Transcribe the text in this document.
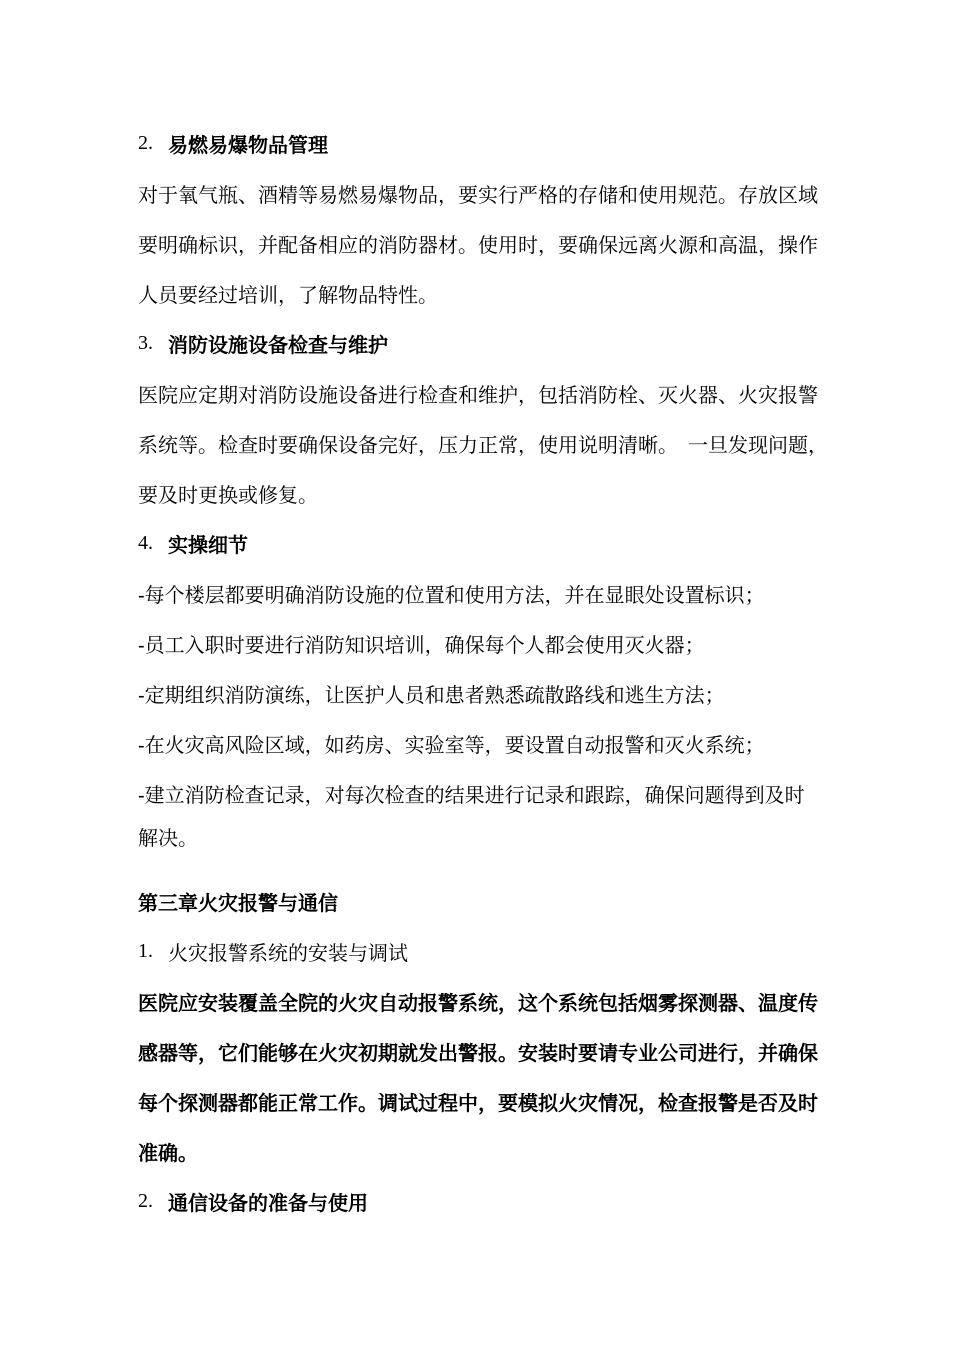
2. 易燃易爆物品管理
对于氧气瓶、酒精等易燃易爆物品，要实行严格的存储和使用规范。存放区域
要明确标识，并配备相应的消防器材。使用时，要确保远离火源和高温，操作
人员要经过培训，了解物品特性。
3. 消防设施设备检查与维护
医院应定期对消防设施设备进行检查和维护，包括消防栓、灭火器、火灾报警
系统等。检查时要确保设备完好，压力正常，使用说明清晰。　一旦发现问题，
要及时更换或修复。
4. 实操细节
-每个楼层都要明确消防设施的位置和使用方法，并在显眼处设置标识；
-员工入职时要进行消防知识培训，确保每个人都会使用灭火器；
-定期组织消防演练，让医护人员和患者熟悉疏散路线和逃生方法；
-在火灾高风险区域，如药房、实验室等，要设置自动报警和灭火系统；
-建立消防检查记录，对每次检查的结果进行记录和跟踪，确保问题得到及时
解决。
第三章火灾报警与通信
1. 火灾报警系统的安装与调试
医院应安装覆盖全院的火灾自动报警系统，这个系统包括烟雾探测器、温度传
感器等，它们能够在火灾初期就发出警报。安装时要请专业公司进行，并确保
每个探测器都能正常工作。调试过程中，要模拟火灾情况，检查报警是否及时
准确。
2. 通信设备的准备与使用
